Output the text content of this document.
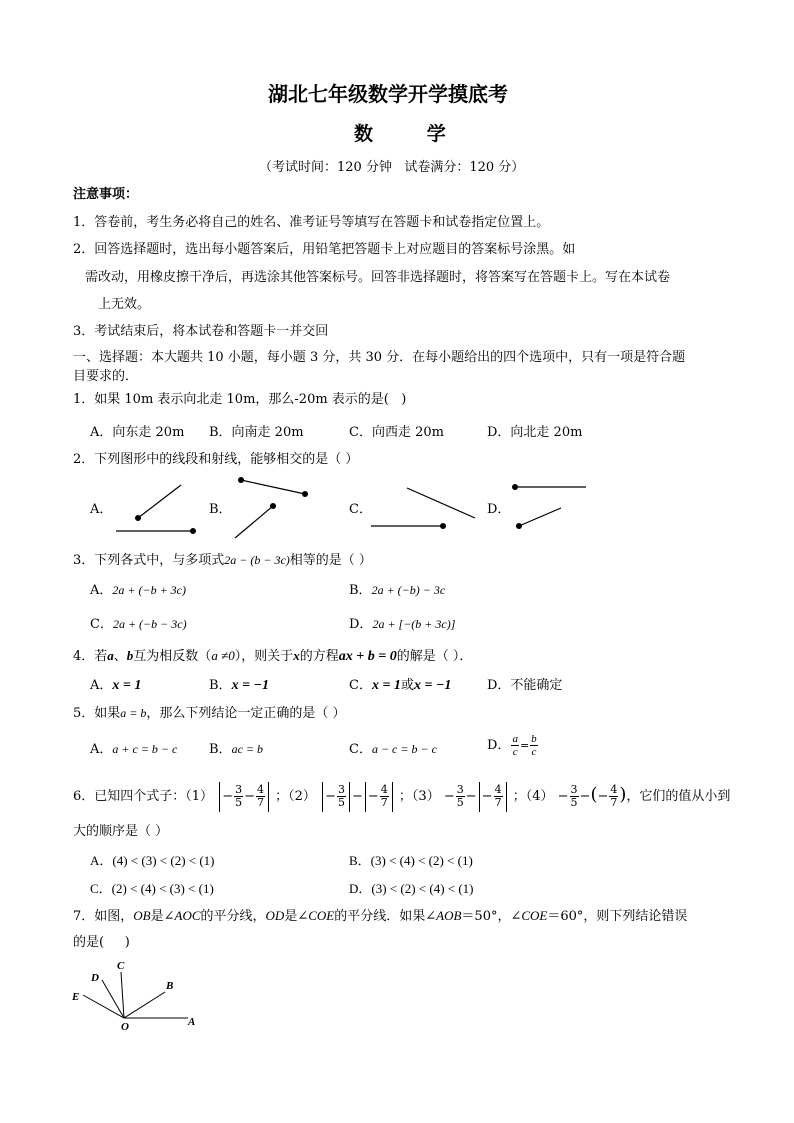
湖北七年级数学开学摸底考
数      学
（考试时间：120 分钟   试卷满分：120 分）
注意事项：
1．答卷前，考生务必将自己的姓名、准考证号等填写在答题卡和试卷指定位置上。
2．回答选择题时，选出每小题答案后，用铅笔把答题卡上对应题目的答案标号涂黑。如
需改动，用橡皮擦干净后，再选涂其他答案标号。回答非选择题时，将答案写在答题卡上。写在本试卷
上无效。
3．考试结束后，将本试卷和答题卡一并交回
一、选择题：本大题共 10 小题，每小题 3 分，共 30 分．在每小题给出的四个选项中，只有一项是符合题
目要求的．
1．如果 10m 表示向北走 10m，那么-20m 表示的是(   )
A．向东走 20m B．向南走 20m	C．向西走 20m	D．向北走 20m
2．下列图形中的线段和射线，能够相交的是（ ）
A．	B．	C．	D．
3．下列各式中，与多项式2a − (b − 3c)相等的是（ ）
A．2a + (−b + 3c)	B．2a + (−b) − 3c
C．2a + (−b − 3c)	D．2a + [−(b + 3c)]
4．若a、b互为相反数（a ≠0），则关于x的方程ax + b = 0的解是（ ）．
A．x = 1	B．x = −1	C．x = 1或x = −1	D．不能确定
5．如果a = b，那么下列结论一定正确的是（ ）
A．a + c = b − c B．ac = b	C．a − c = b − c	D． $\frac{a}{c} = \frac{b}{c}$
6．已知四个式子：$(1) - \frac{3}{5} - \frac{4}{7}$ ；$(2) - \frac{3}{5}$ − − $\frac{4}{7}$ ；$(3) - \frac{3}{5}$ − − $\frac{4}{7}$ ；$(4) - \frac{3}{5}$ −(− $\frac{4}{7}$ )，它们的值从小到
大的顺序是（ ）
A．(4) < (3) < (2) < (1)	B．(3) < (4) < (2) < (1)
C．(2) < (4) < (3) < (1)	D．(3) < (2) < (4) < (1)
7．如图，OB是∠AOC的平分线，OD是∠COE的平分线．如果∠AOB＝50°，∠COE＝60°，则下列结论错误
的是(     )
D
C
B
E
O	A
